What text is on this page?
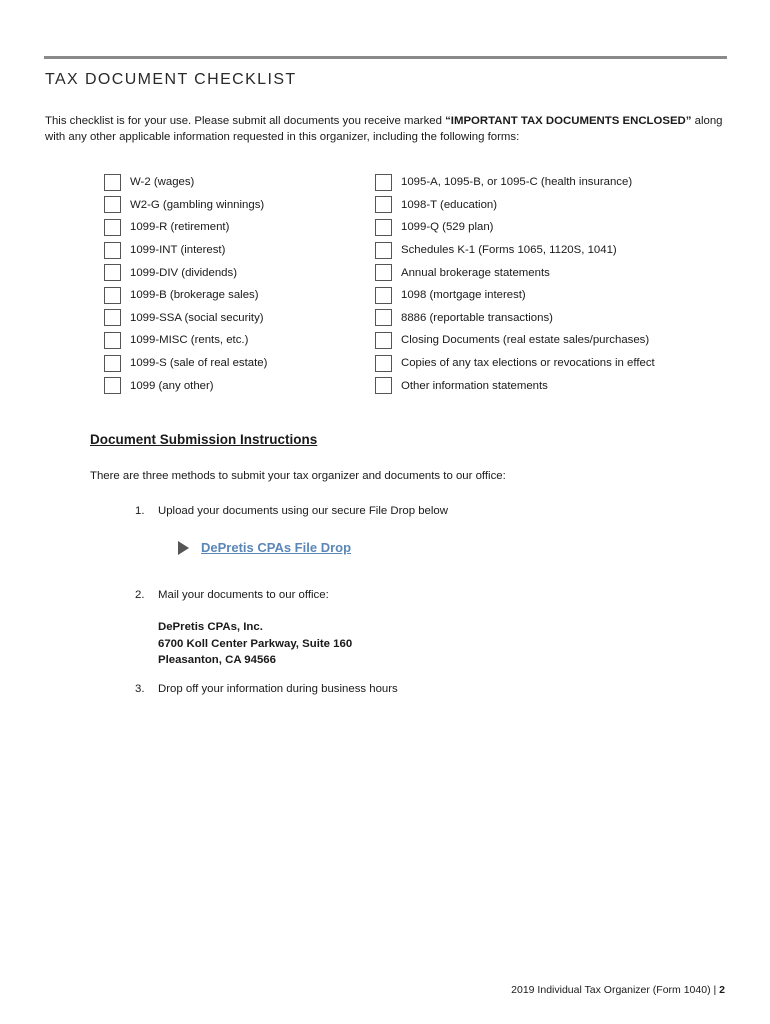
TAX DOCUMENT CHECKLIST
This checklist is for your use. Please submit all documents you receive marked “IMPORTANT TAX DOCUMENTS ENCLOSED” along with any other applicable information requested in this organizer, including the following forms:
W-2 (wages)
W2-G (gambling winnings)
1099-R (retirement)
1099-INT (interest)
1099-DIV (dividends)
1099-B (brokerage sales)
1099-SSA (social security)
1099-MISC (rents, etc.)
1099-S (sale of real estate)
1099 (any other)
1095-A, 1095-B, or 1095-C (health insurance)
1098-T (education)
1099-Q (529 plan)
Schedules K-1 (Forms 1065, 1120S, 1041)
Annual brokerage statements
1098 (mortgage interest)
8886 (reportable transactions)
Closing Documents (real estate sales/purchases)
Copies of any tax elections or revocations in effect
Other information statements
Document Submission Instructions
There are three methods to submit your tax organizer and documents to our office:
1.	Upload your documents using our secure File Drop below
DePretis CPAs File Drop
2.	Mail your documents to our office:
DePretis CPAs, Inc.
6700 Koll Center Parkway, Suite 160
Pleasanton, CA 94566
3.	Drop off your information during business hours
2019 Individual Tax Organizer (Form 1040) | 2
